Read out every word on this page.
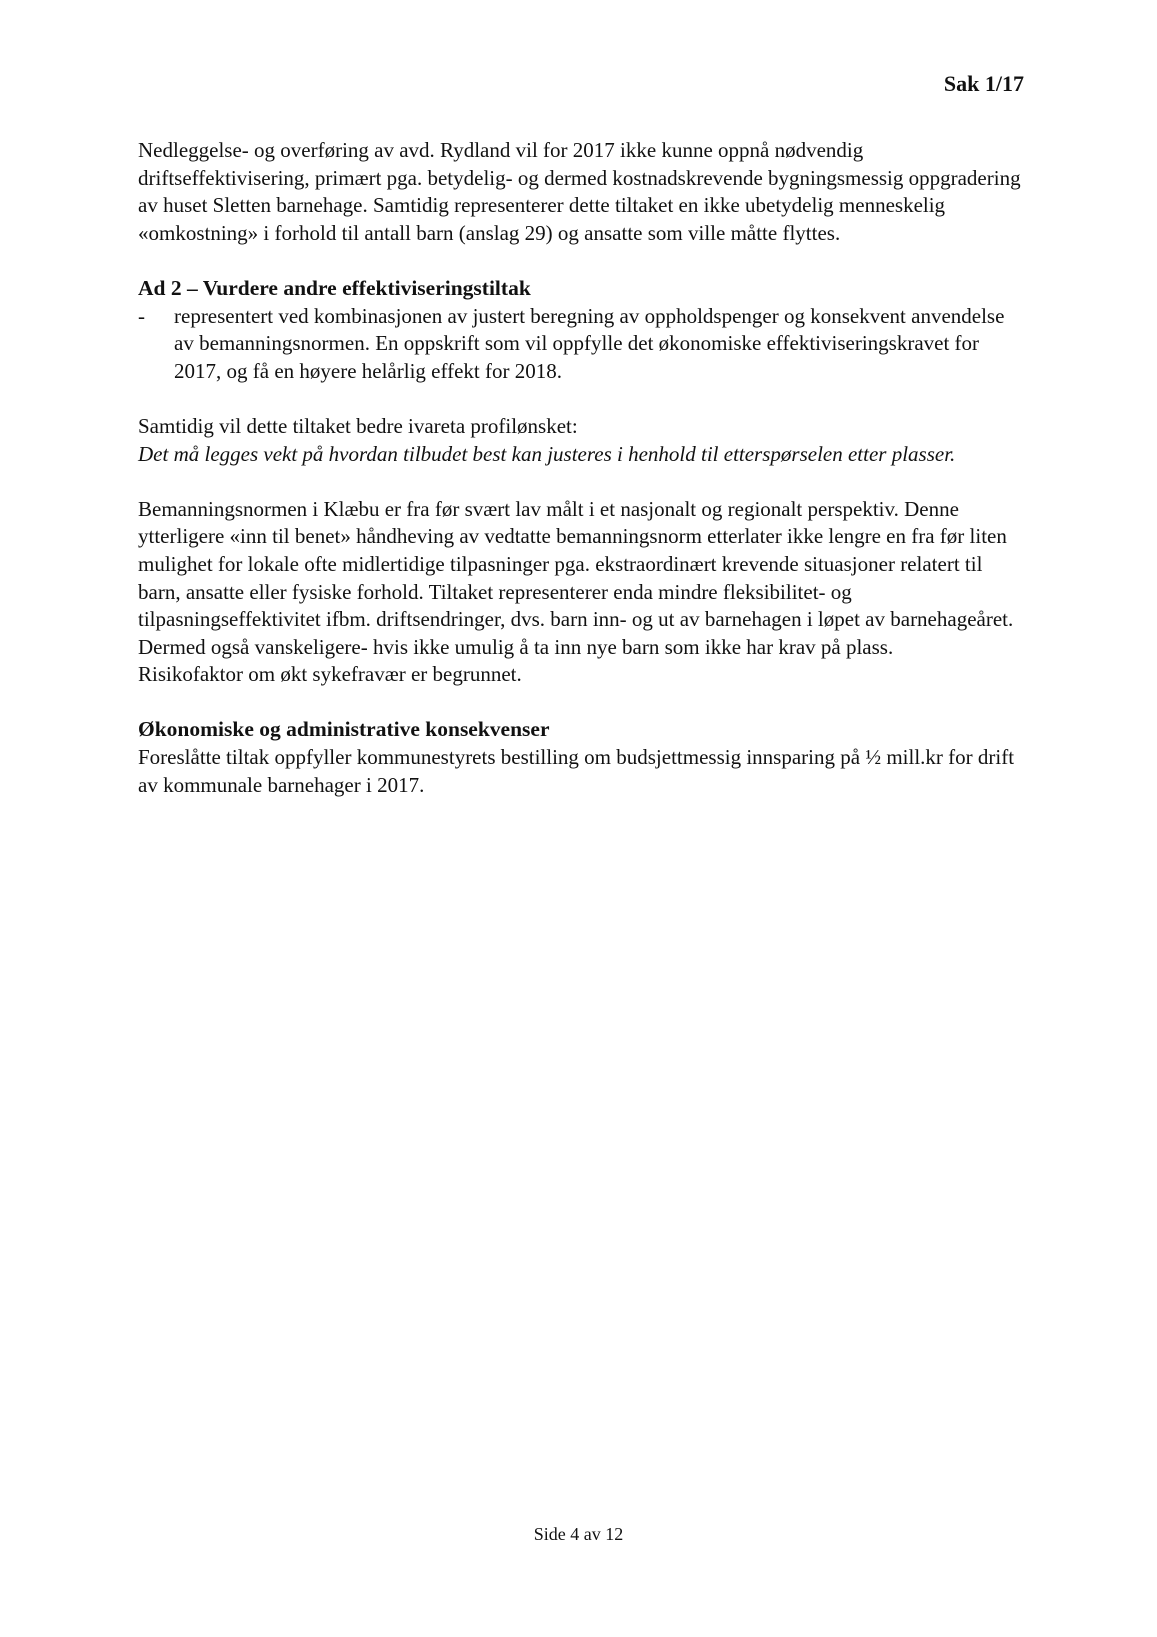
Sak 1/17

Nedleggelse- og overføring av avd. Rydland vil for 2017 ikke kunne oppnå nødvendig driftseffektivisering, primært pga. betydelig- og dermed kostnadskrevende bygningsmessig oppgradering av huset Sletten barnehage. Samtidig representerer dette tiltaket en ikke ubetydelig menneskelig «omkostning» i forhold til antall barn (anslag 29) og ansatte som ville måtte flyttes.

Ad 2 – Vurdere andre effektiviseringstiltak

-	representert ved kombinasjonen av justert beregning av oppholdspenger og konsekvent anvendelse av bemanningsnormen. En oppskrift som vil oppfylle det økonomiske effektiviseringskravet for 2017, og få en høyere helårlig effekt for 2018.

Samtidig vil dette tiltaket bedre ivareta profilønsket:

Det må legges vekt på hvordan tilbudet best kan justeres i henhold til etterspørselen etter plasser.

Bemanningsnormen i Klæbu er fra før svært lav målt i et nasjonalt og regionalt perspektiv. Denne ytterligere «inn til benet» håndheving av vedtatte bemanningsnorm etterlater ikke lengre en fra før liten mulighet for lokale ofte midlertidige tilpasninger pga. ekstraordinært krevende situasjoner relatert til barn, ansatte eller fysiske forhold. Tiltaket representerer enda mindre fleksibilitet- og tilpasningseffektivitet ifbm. driftsendringer, dvs. barn inn- og ut av barnehagen i løpet av barnehageåret. Dermed også vanskeligere- hvis ikke umulig å ta inn nye barn som ikke har krav på plass.

Risikofaktor om økt sykefravær er begrunnet.

Økonomiske og administrative konsekvenser

Foreslåtte tiltak oppfyller kommunestyrets bestilling om budsjettmessig innsparing på ½ mill.kr for drift av kommunale barnehager i 2017.

Side 4 av 12
